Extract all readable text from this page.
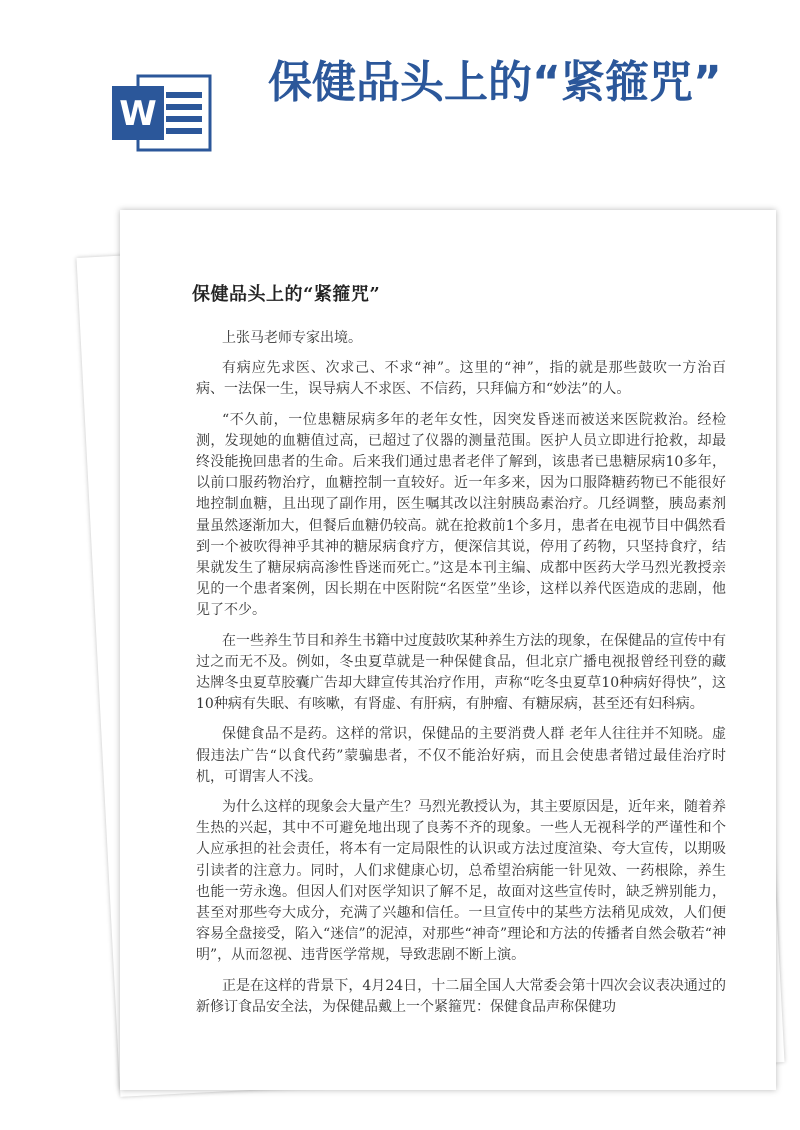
W
保健品头上的“紧箍咒”
保健品头上的“紧箍咒”

上张马老师专家出境。

有病应先求医、次求己、不求“神”。这里的“神”，指的就是那些鼓吹一方治百病、一法保一生，误导病人不求医、不信药，只拜偏方和“妙法”的人。

“不久前，一位患糖尿病多年的老年女性，因突发昏迷而被送来医院救治。经检测，发现她的血糖值过高，已超过了仪器的测量范围。医护人员立即进行抢救，却最终没能挽回患者的生命。后来我们通过患者老伴了解到，该患者已患糖尿病10多年，以前口服药物治疗，血糖控制一直较好。近一年多来，因为口服降糖药物已不能很好地控制血糖，且出现了副作用，医生嘱其改以注射胰岛素治疗。几经调整，胰岛素剂量虽然逐渐加大，但餐后血糖仍较高。就在抢救前1个多月，患者在电视节目中偶然看到一个被吹得神乎其神的糖尿病食疗方，便深信其说，停用了药物，只坚持食疗，结果就发生了糖尿病高渗性昏迷而死亡。”这是本刊主编、成都中医药大学马烈光教授亲见的一个患者案例，因长期在中医附院“名医堂”坐诊，这样以养代医造成的悲剧，他见了不少。

在一些养生节目和养生书籍中过度鼓吹某种养生方法的现象，在保健品的宣传中有过之而无不及。例如，冬虫夏草就是一种保健食品，但北京广播电视报曾经刊登的藏达牌冬虫夏草胶囊广告却大肆宣传其治疗作用，声称“吃冬虫夏草10种病好得快”，这10种病有失眠、有咳嗽，有肾虚、有肝病，有肿瘤、有糖尿病，甚至还有妇科病。

保健食品不是药。这样的常识，保健品的主要消费人群 老年人往往并不知晓。虚假违法广告“以食代药”蒙骗患者，不仅不能治好病，而且会使患者错过最佳治疗时机，可谓害人不浅。

为什么这样的现象会大量产生？马烈光教授认为，其主要原因是，近年来，随着养生热的兴起，其中不可避免地出现了良莠不齐的现象。一些人无视科学的严谨性和个人应承担的社会责任，将本有一定局限性的认识或方法过度渲染、夸大宣传，以期吸引读者的注意力。同时，人们求健康心切，总希望治病能一针见效、一药根除，养生也能一劳永逸。但因人们对医学知识了解不足，故面对这些宣传时，缺乏辨别能力，甚至对那些夸大成分，充满了兴趣和信任。一旦宣传中的某些方法稍见成效，人们便容易全盘接受，陷入“迷信”的泥淖，对那些“神奇”理论和方法的传播者自然会敬若“神明”，从而忽视、违背医学常规，导致悲剧不断上演。

正是在这样的背景下，4月24日，十二届全国人大常委会第十四次会议表决通过的新修订食品安全法，为保健品戴上一个紧箍咒：保健食品声称保健功
